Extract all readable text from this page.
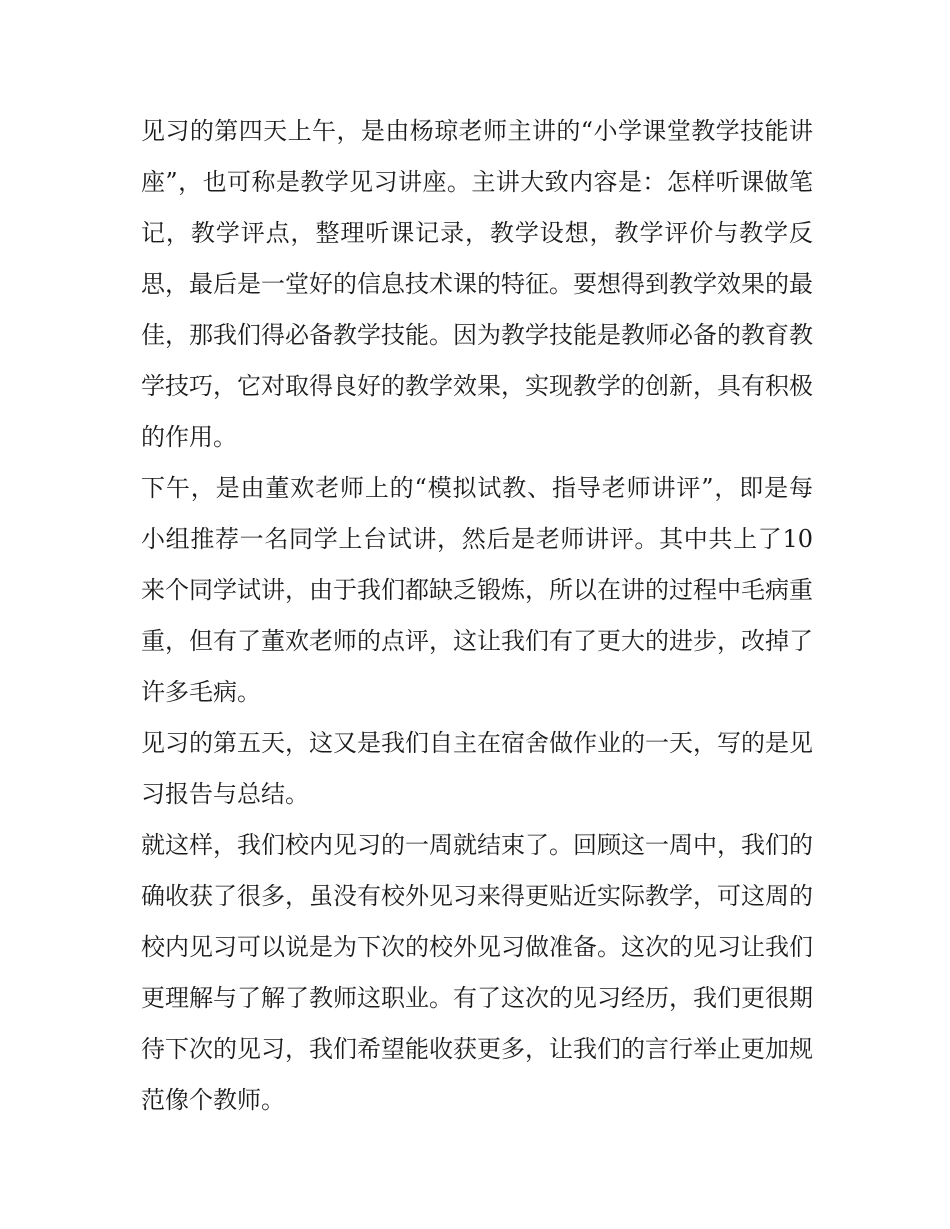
见习的第四天上午，是由杨琼老师主讲的“小学课堂教学技能讲座”，也可称是教学见习讲座。主讲大致内容是：怎样听课做笔记，教学评点，整理听课记录，教学设想，教学评价与教学反思，最后是一堂好的信息技术课的特征。要想得到教学效果的最佳，那我们得必备教学技能。因为教学技能是教师必备的教育教学技巧，它对取得良好的教学效果，实现教学的创新，具有积极的作用。

下午，是由董欢老师上的“模拟试教、指导老师讲评”，即是每小组推荐一名同学上台试讲，然后是老师讲评。其中共上了10来个同学试讲，由于我们都缺乏锻炼，所以在讲的过程中毛病重重，但有了董欢老师的点评，这让我们有了更大的进步，改掉了许多毛病。

见习的第五天，这又是我们自主在宿舍做作业的一天，写的是见习报告与总结。

就这样，我们校内见习的一周就结束了。回顾这一周中，我们的确收获了很多，虽没有校外见习来得更贴近实际教学，可这周的校内见习可以说是为下次的校外见习做准备。这次的见习让我们更理解与了解了教师这职业。有了这次的见习经历，我们更很期待下次的见习，我们希望能收获更多，让我们的言行举止更加规范像个教师。
